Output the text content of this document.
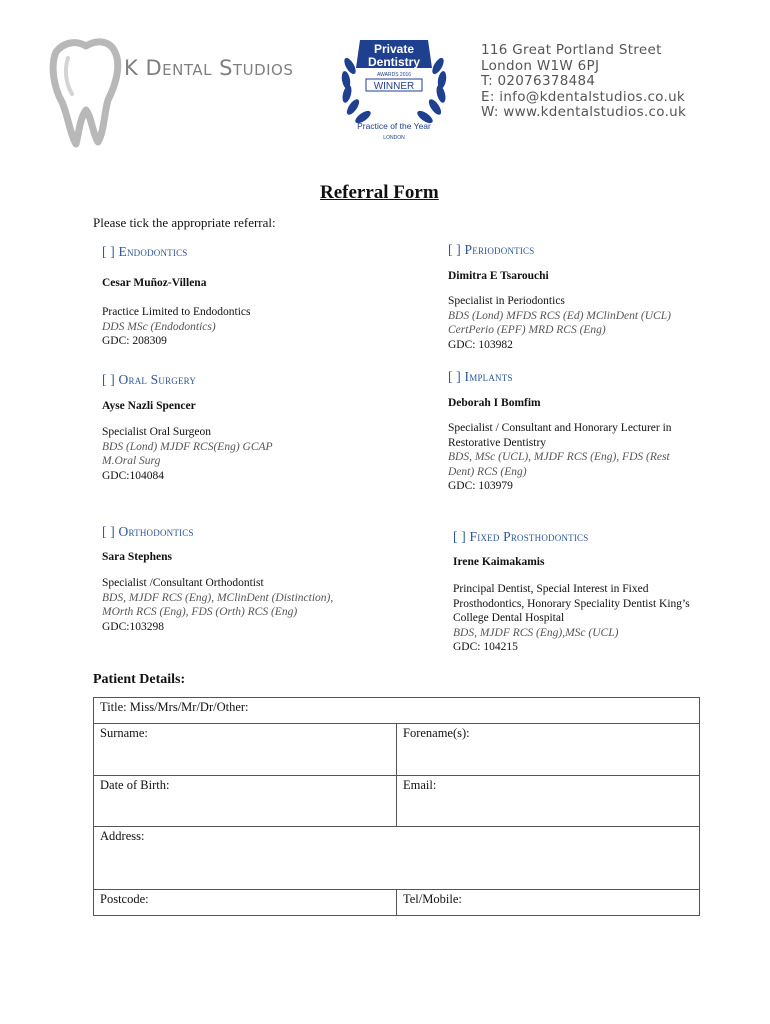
K Dental Studios
Private
Dentistry
AWARDS 2016
WINNER
Practice of the Year
LONDON
116 Great Portland Street
London W1W 6PJ
T: 02076378484
E: info@kdentalstudios.co.uk
W: www.kdentalstudios.co.uk
Referral Form
Please tick the appropriate referral:
[ ] Endodontics
Cesar Muñoz-Villena
Practice Limited to Endodontics
DDS MSc (Endodontics)
GDC: 208309
[ ] Periodontics
Dimitra E Tsarouchi
Specialist in Periodontics
BDS (Lond) MFDS RCS (Ed) MClinDent (UCL) CertPerio (EPF) MRD RCS (Eng)
GDC: 103982
[ ] Oral Surgery
Ayse Nazli Spencer
Specialist Oral Surgeon
BDS (Lond) MJDF RCS(Eng) GCAP M.Oral Surg
GDC:104084
[ ] Implants
Deborah I Bomfim
Specialist / Consultant and Honorary Lecturer in Restorative Dentistry
BDS, MSc (UCL), MJDF RCS (Eng), FDS (Rest Dent) RCS (Eng)
GDC: 103979
[ ] Orthodontics
Sara Stephens
Specialist /Consultant Orthodontist
BDS, MJDF RCS (Eng), MClinDent (Distinction), MOrth RCS (Eng), FDS (Orth) RCS (Eng)
GDC:103298
[ ] Fixed Prosthodontics
Irene Kaimakamis
Principal Dentist, Special Interest in Fixed Prosthodontics, Honorary Speciality Dentist King’s College Dental Hospital
BDS, MJDF RCS (Eng),MSc (UCL)
GDC: 104215
Patient Details:
Title: Miss/Mrs/Mr/Dr/Other:	
Surname:	Forename(s):
Date of Birth:	Email:
Address:	
Postcode:	Tel/Mobile:
